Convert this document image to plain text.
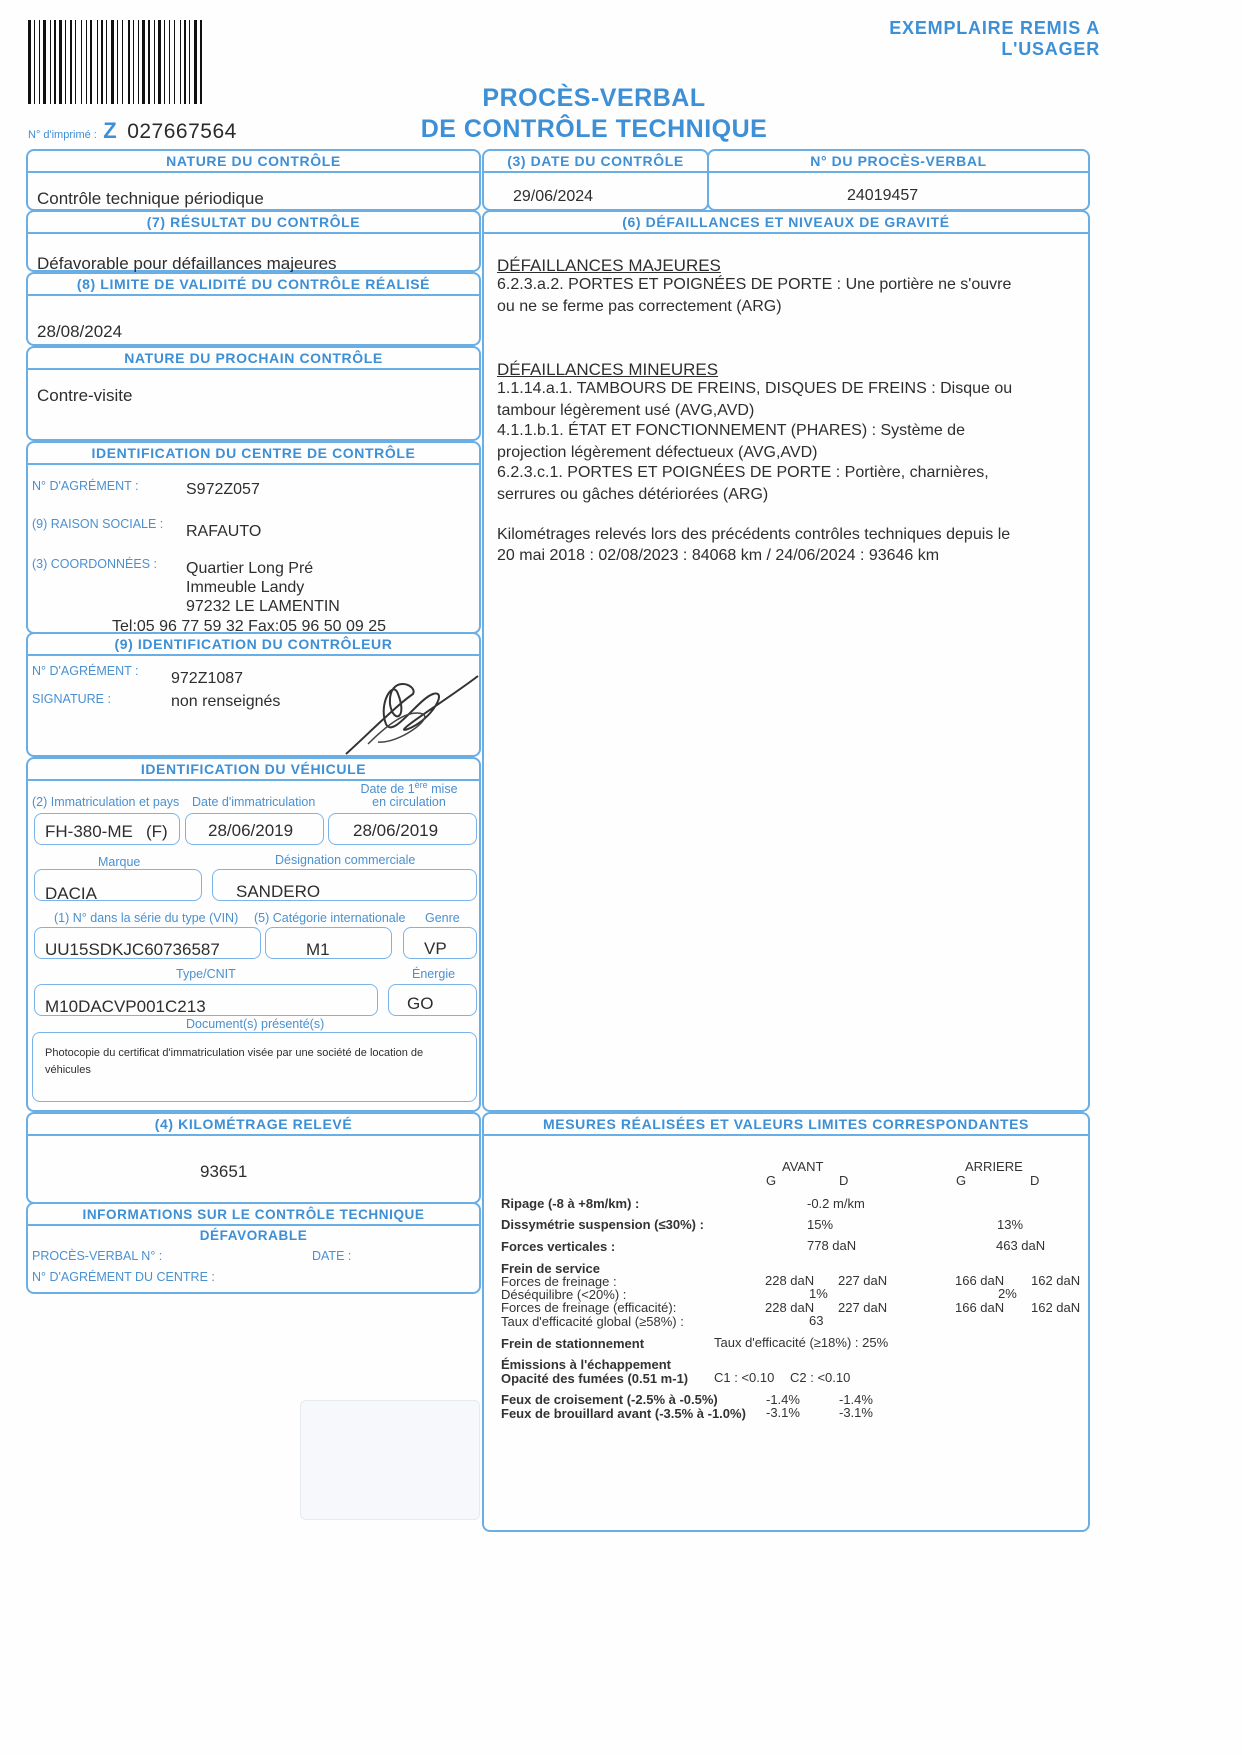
EXEMPLAIRE REMIS A L'USAGER
PROCÈS-VERBAL
DE CONTRÔLE TECHNIQUE
N° d'imprimé : Z 027667564
NATURE DU CONTRÔLE
Contrôle technique périodique
(7) RÉSULTAT DU CONTRÔLE
Défavorable pour défaillances majeures
(8) LIMITE DE VALIDITÉ DU CONTRÔLE RÉALISÉ
28/08/2024
NATURE DU PROCHAIN CONTRÔLE
Contre-visite
IDENTIFICATION DU CENTRE DE CONTRÔLE
N° D'AGRÉMENT :	S972Z057
(9) RAISON SOCIALE : RAFAUTO
(3) COORDONNÉES : Quartier Long Pré
Immeuble Landy
97232 LE LAMENTIN
Tel:05 96 77 59 32 Fax:05 96 50 09 25
(9) IDENTIFICATION DU CONTRÔLEUR
N° D'AGRÉMENT : 972Z1087
SIGNATURE :	non renseignés
IDENTIFICATION DU VÉHICULE
(2) Immatriculation et pays Date d'immatriculation
Date de 1ère mise
en circulation
FH-380-ME (F) 28/06/2019	28/06/2019
Marque	Désignation commerciale
DACIA	SANDERO
(1) N° dans la série du type (VIN) (5) Catégorie internationale Genre
UU15SDKJC60736587	M1	VP
Type/CNIT	Énergie
M10DACVP001C213	GO
Document(s) présenté(s)
Photocopie du certificat d'immatriculation visée par une société de location de véhicules
(4) KILOMÉTRAGE RELEVÉ
93651
INFORMATIONS SUR LE CONTRÔLE TECHNIQUE DÉFAVORABLE
PROCÈS-VERBAL N° :	DATE :
N° D'AGRÉMENT DU CENTRE :
(3) DATE DU CONTRÔLE
29/06/2024
N° DU PROCÈS-VERBAL
24019457
(6) DÉFAILLANCES ET NIVEAUX DE GRAVITÉ
DÉFAILLANCES MAJEURES
6.2.3.a.2. PORTES ET POIGNÉES DE PORTE : Une portière ne s'ouvre
ou ne se ferme pas correctement (ARG)
DÉFAILLANCES MINEURES
1.1.14.a.1. TAMBOURS DE FREINS, DISQUES DE FREINS : Disque ou
tambour légèrement usé (AVG,AVD)
4.1.1.b.1. ÉTAT ET FONCTIONNEMENT (PHARES) : Système de
projection légèrement défectueux (AVG,AVD)
6.2.3.c.1. PORTES ET POIGNÉES DE PORTE : Portière, charnières,
serrures ou gâches détériorées (ARG)
Kilométrages relevés lors des précédents contrôles techniques depuis le
20 mai 2018 : 02/08/2023 : 84068 km / 24/06/2024 : 93646 km
MESURES RÉALISÉES ET VALEURS LIMITES CORRESPONDANTES
AVANT
G	D
ARRIERE
G	D
Ripage (-8 à +8m/km) :	-0.2 m/km
Dissymétrie suspension (≤30%) :	15%	13%
Forces verticales :	778 daN	463 daN
Frein de service
Forces de freinage :	228 daN 227 daN	166 daN 162 daN
Déséquilibre (<20%) :	1%	2%
Forces de freinage (efficacité):	228 daN 227 daN	166 daN 162 daN
Taux d'efficacité global (≥58%) :	63
Frein de stationnement	Taux d'efficacité (≥18%) : 25%
Émissions à l'échappement
Opacité des fumées (0.51 m-1) C1 : <0.10 C2 : <0.10
Feux de croisement (-2.5% à -0.5%)	-1.4%	-1.4%
Feux de brouillard avant (-3.5% à -1.0%) -3.1%	-3.1%
